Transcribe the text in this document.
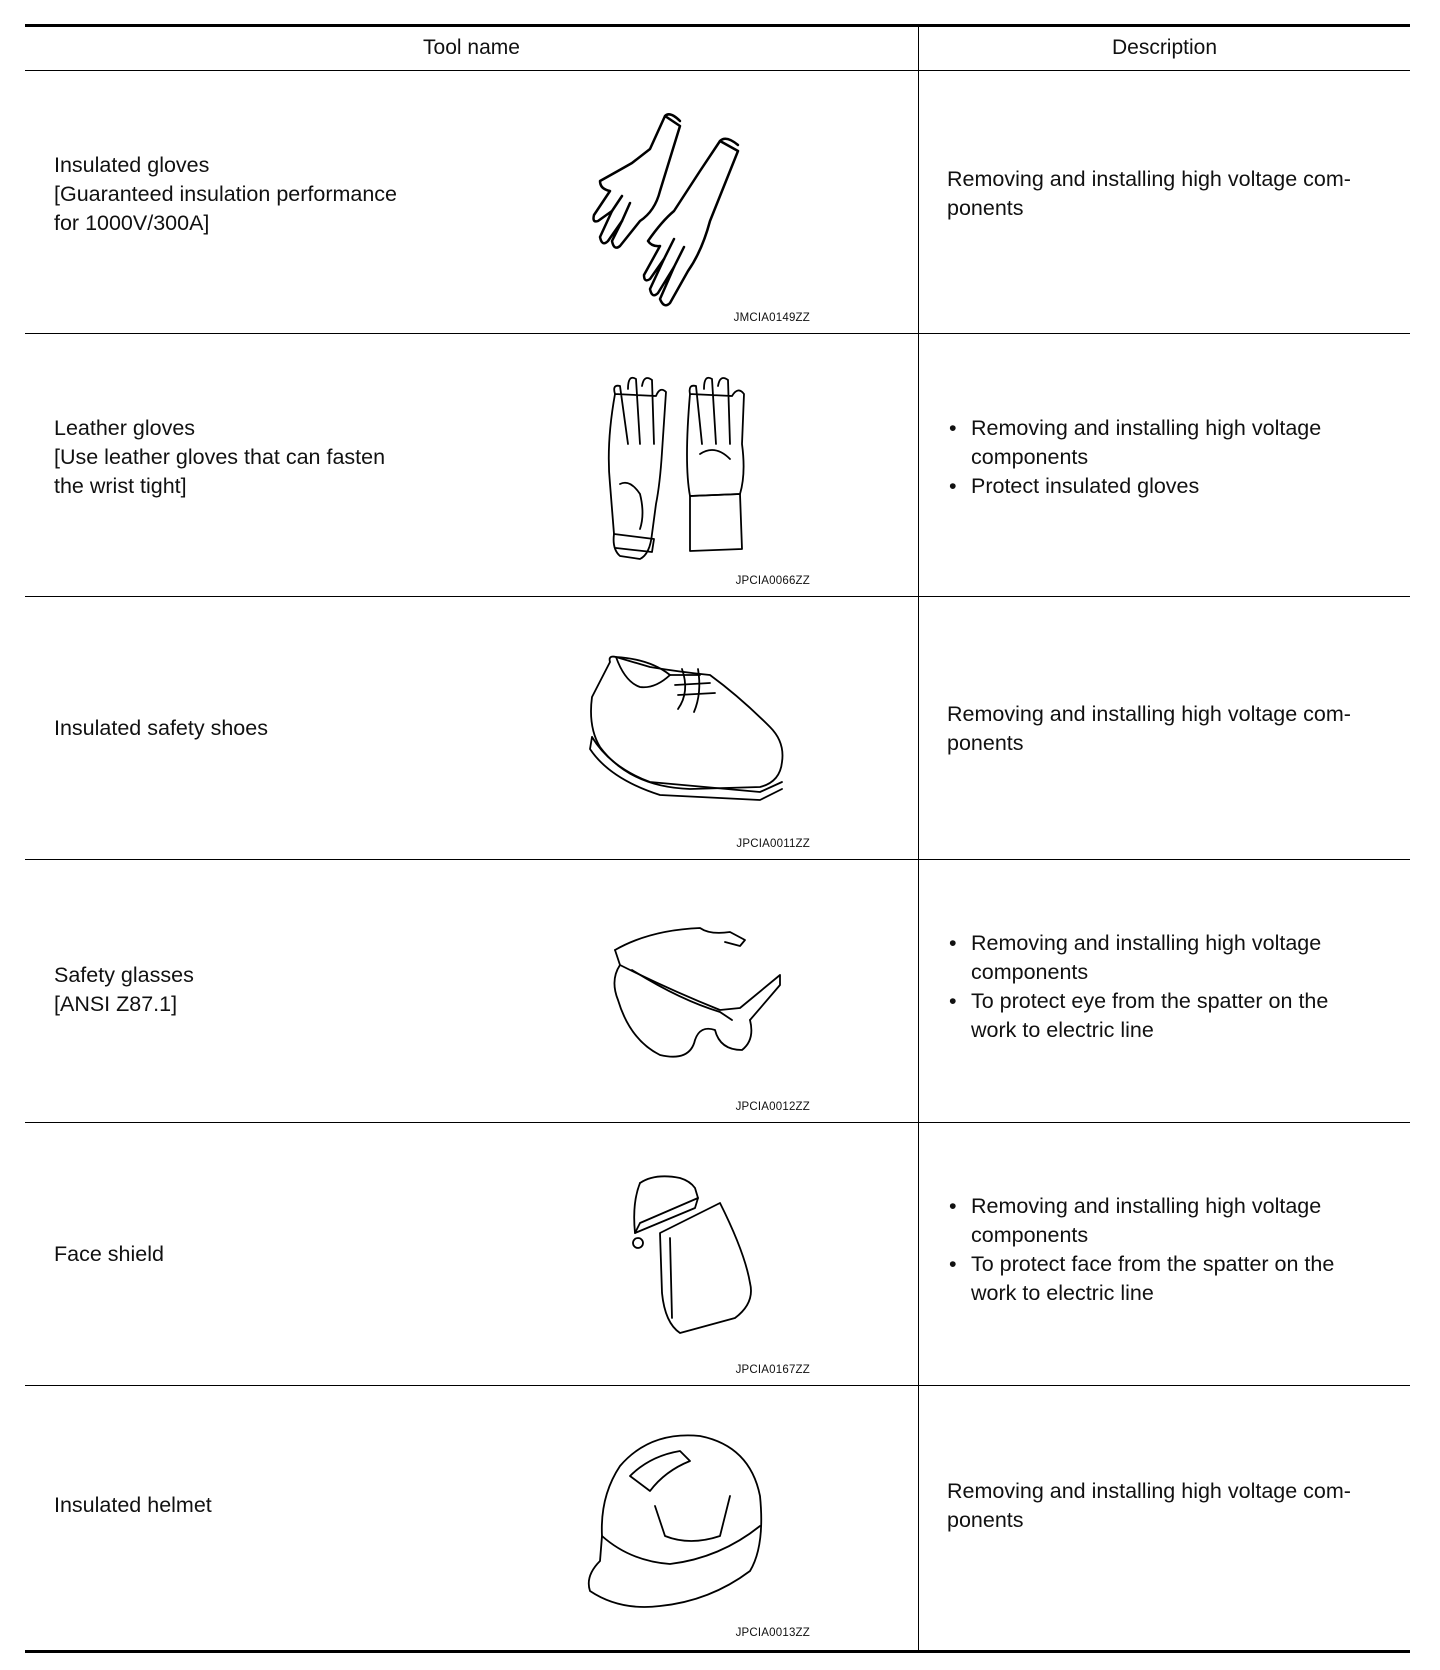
Tool name	Description
Insulated gloves
[Guaranteed insulation performance
for 1000V/300A]
JMCIA0149ZZ
Removing and installing high voltage com-
ponents
Leather gloves
[Use leather gloves that can fasten
the wrist tight]
JPCIA0066ZZ
• Removing and installing high voltage
components
• Protect insulated gloves
Insulated safety shoes
JPCIA0011ZZ
Removing and installing high voltage com-
ponents
Safety glasses
[ANSI Z87.1]
JPCIA0012ZZ
• Removing and installing high voltage
components
• To protect eye from the spatter on the
work to electric line
Face shield
JPCIA0167ZZ
• Removing and installing high voltage
components
• To protect face from the spatter on the
work to electric line
Insulated helmet
JPCIA0013ZZ
Removing and installing high voltage com-
ponents
